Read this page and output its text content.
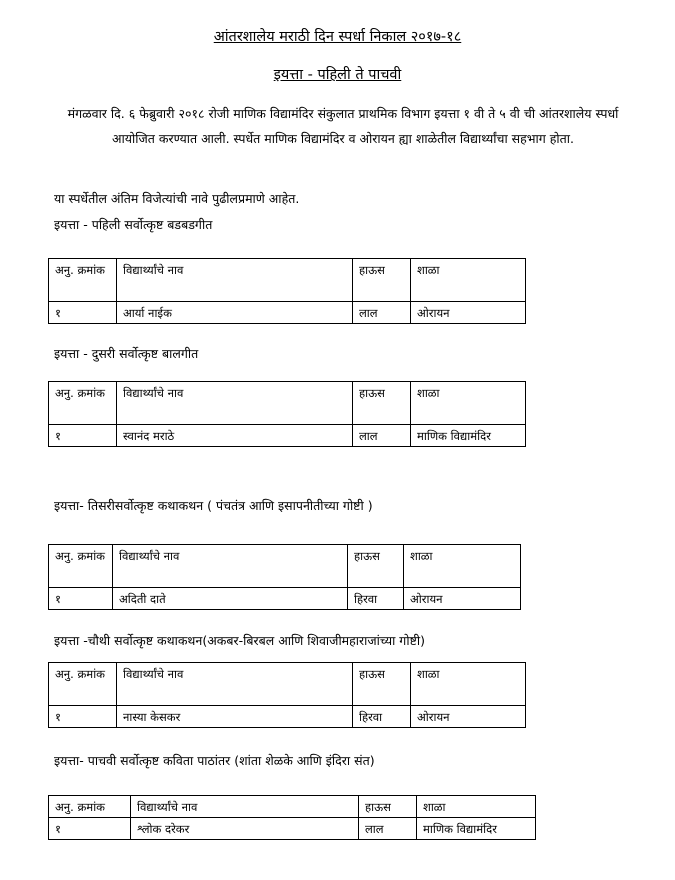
आंतरशालेय मराठी दिन स्पर्धा निकाल २०१७-१८
इयत्ता - पहिली ते पाचवी
मंगळवार दि. ६ फेब्रुवारी २०१८ रोजी माणिक विद्यामंदिर संकुलात प्राथमिक विभाग इयत्ता १ वी ते ५ वी ची आंतरशालेय स्पर्धा आयोजित करण्यात आली. स्पर्धेत माणिक विद्यामंदिर व ओरायन ह्या शाळेतील विद्यार्थ्यांचा सहभाग होता.
या स्पर्धेतील अंतिम विजेत्यांची नावे पुढीलप्रमाणे आहेत.
इयत्ता - पहिली सर्वोत्कृष्ट बडबडगीत
अनु. क्रमांक	विद्यार्थ्यांचे नाव	हाऊस	शाळा
१	आर्या नाईक	लाल	ओरायन
इयत्ता - दुसरी सर्वोत्कृष्ट बालगीत
अनु. क्रमांक	विद्यार्थ्यांचे नाव	हाऊस	शाळा
१	स्वानंद मराठे	लाल	माणिक विद्यामंदिर
इयत्ता- तिसरीसर्वोत्कृष्ट कथाकथन ( पंचतंत्र आणि इसापनीतीच्या गोष्टी )
अनु. क्रमांक	विद्यार्थ्यांचे नाव	हाऊस	शाळा
१	अदिती दाते	हिरवा	ओरायन
इयत्ता -चौथी सर्वोत्कृष्ट कथाकथन(अकबर-बिरबल आणि शिवाजीमहाराजांच्या गोष्टी)
अनु. क्रमांक	विद्यार्थ्यांचे नाव	हाऊस	शाळा
१	नास्या केसकर	हिरवा	ओरायन
इयत्ता- पाचवी सर्वोत्कृष्ट कविता पाठांतर (शांता शेळके आणि इंदिरा संत)
अनु. क्रमांक	विद्यार्थ्यांचे नाव	हाऊस	शाळा
१	श्लोक दरेकर	लाल	माणिक विद्यामंदिर
